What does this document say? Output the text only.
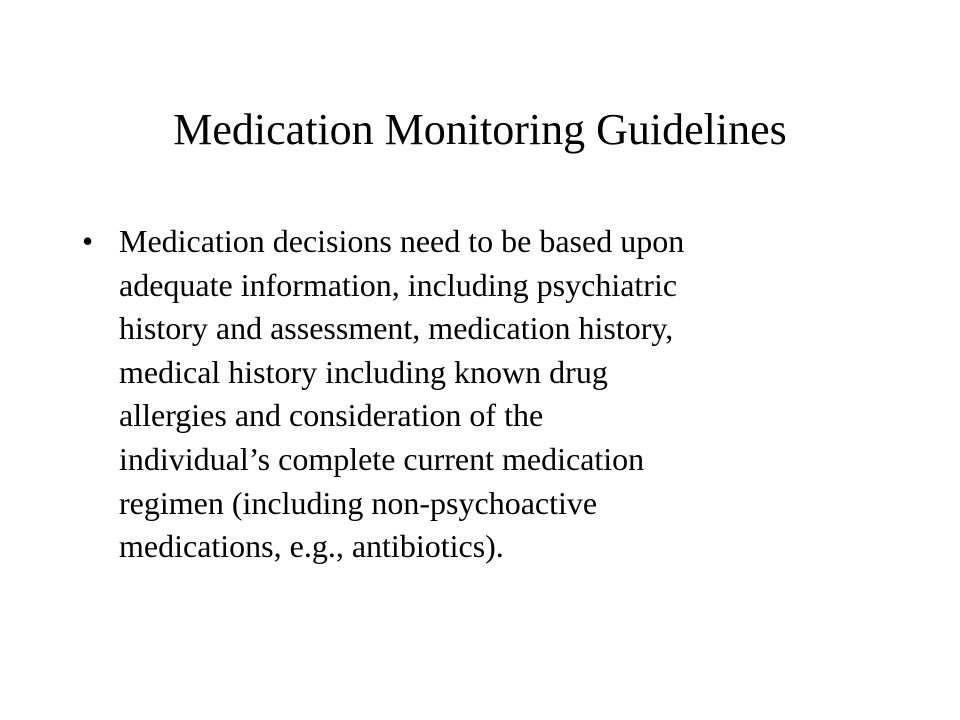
Medication Monitoring Guidelines
• Medication decisions need to be based upon
adequate information, including psychiatric
history and assessment, medication history,
medical history including known drug
allergies and consideration of the
individual’s complete current medication
regimen (including non-psychoactive
medications, e.g., antibiotics).
